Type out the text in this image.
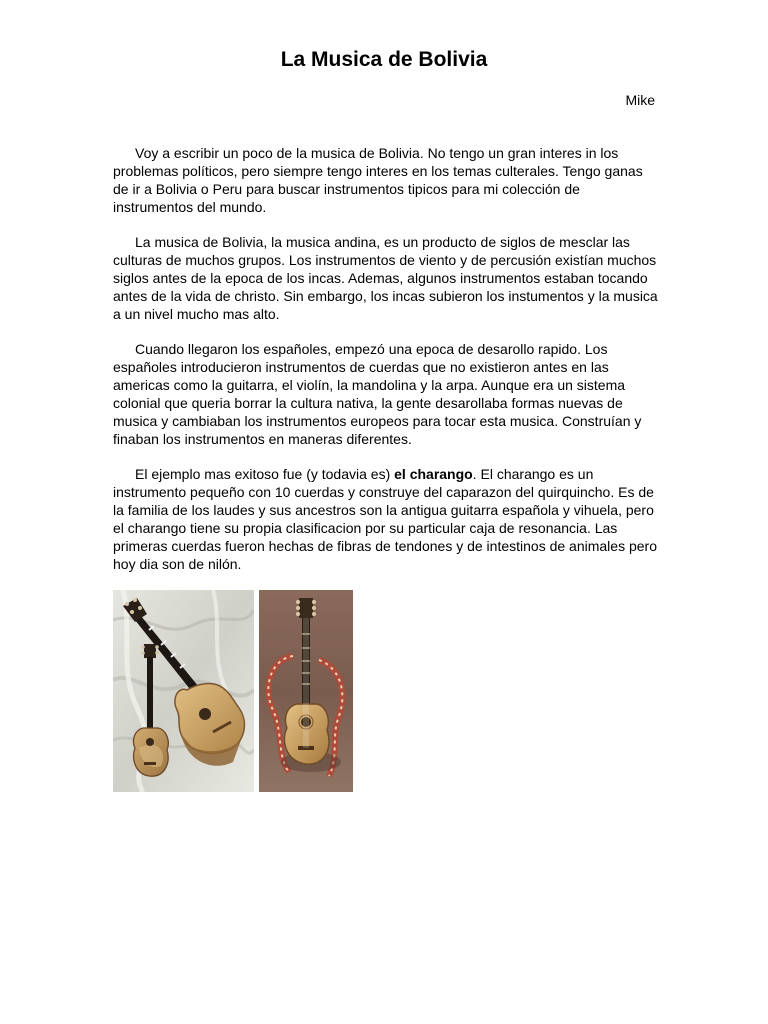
La Musica de Bolivia

Mike

Voy a escribir un poco de la musica de Bolivia. No tengo un gran interes in los problemas políticos, pero siempre tengo interes en los temas culterales. Tengo ganas de ir a Bolivia o Peru para buscar instrumentos tipicos para mi colección de instrumentos del mundo.

La musica de Bolivia, la musica andina, es un producto de siglos de mesclar las culturas de muchos grupos. Los instrumentos de viento y de percusión existían muchos siglos antes de la epoca de los incas. Ademas, algunos instrumentos estaban tocando antes de la vida de christo. Sin embargo, los incas subieron los instumentos y la musica a un nivel mucho mas alto.

Cuando llegaron los españoles, empezó una epoca de desarollo rapido. Los españoles introducieron instrumentos de cuerdas que no existieron antes en las americas como la guitarra, el violín, la mandolina y la arpa. Aunque era un sistema colonial que queria borrar la cultura nativa, la gente desarollaba formas nuevas de musica y cambiaban los instrumentos europeos para tocar esta musica. Construían y finaban los instrumentos en maneras diferentes.

El ejemplo mas exitoso fue (y todavia es) el charango. El charango es un instrumento pequeño con 10 cuerdas y construye del caparazon del quirquincho. Es de la familia de los laudes y sus ancestros son la antigua guitarra española y vihuela, pero el charango tiene su propia clasificacion por su particular caja de resonancia. Las primeras cuerdas fueron hechas de fibras de tendones y de intestinos de animales pero hoy dia son de nilón.
